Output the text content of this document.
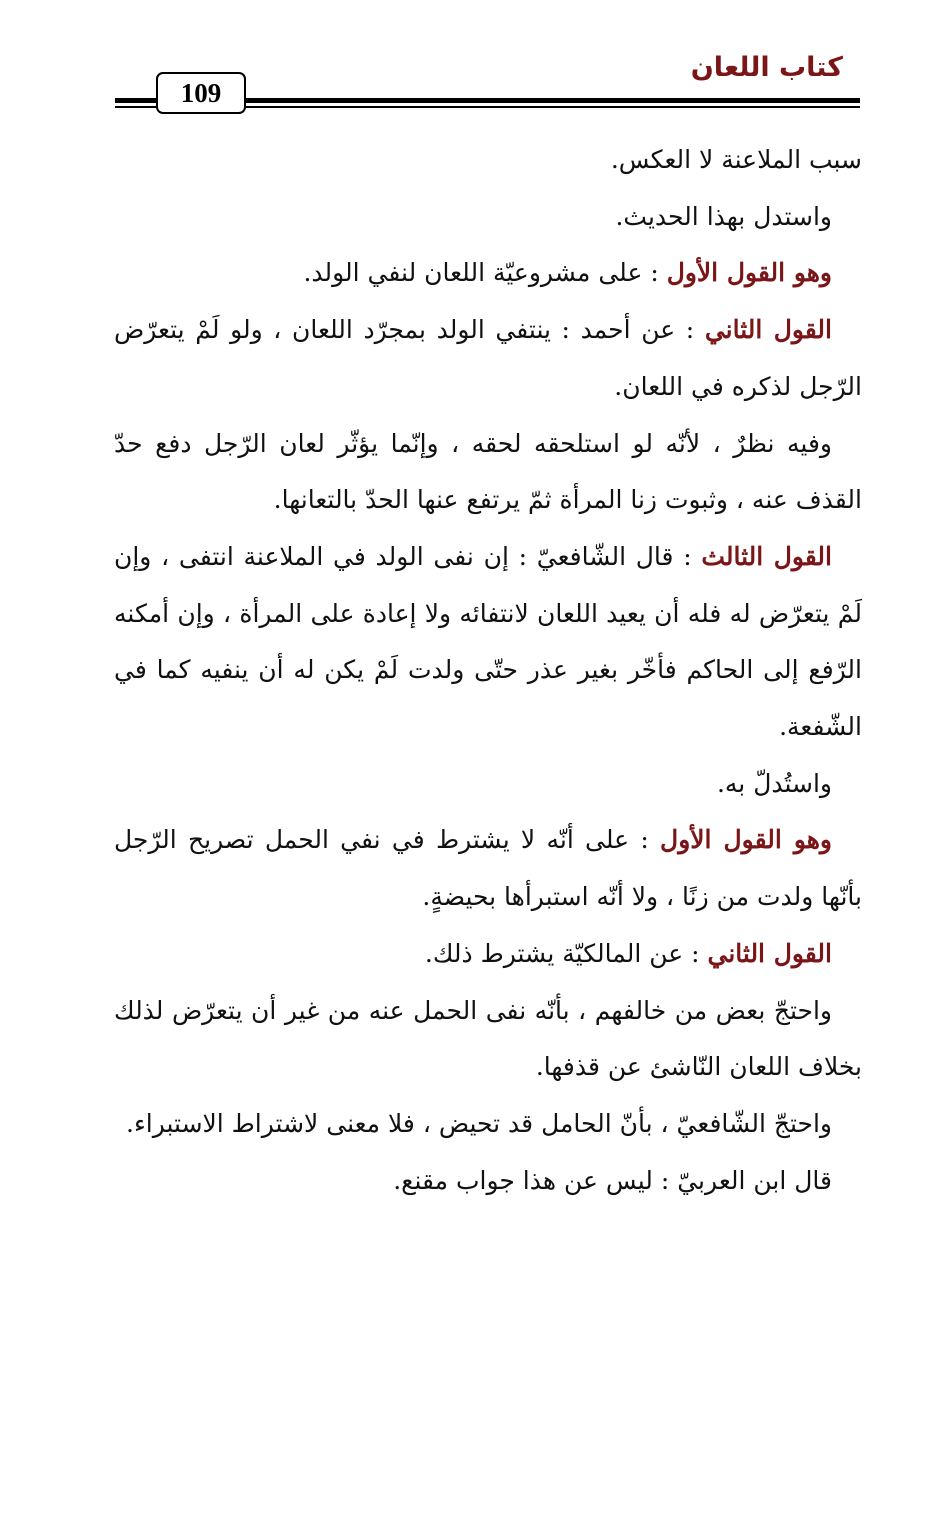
كتاب اللعان
109

سبب الملاعنة لا العكس.

واستدل بهذا الحديث.

وهو القول الأول : على مشروعيّة اللعان لنفي الولد.

القول الثاني : عن أحمد : ينتفي الولد بمجرّد اللعان ، ولو لَمْ يتعرّض الرّجل لذكره في اللعان.

وفيه نظرٌ ، لأنّه لو استلحقه لحقه ، وإنّما يؤثّر لعان الرّجل دفع حدّ القذف عنه ، وثبوت زنا المرأة ثمّ يرتفع عنها الحدّ بالتعانها.

القول الثالث : قال الشّافعيّ : إن نفى الولد في الملاعنة انتفى ، وإن لَمْ يتعرّض له فله أن يعيد اللعان لانتفائه ولا إعادة على المرأة ، وإن أمكنه الرّفع إلى الحاكم فأخّر بغير عذر حتّى ولدت لَمْ يكن له أن ينفيه كما في الشّفعة.

واستُدلّ به.

وهو القول الأول : على أنّه لا يشترط في نفي الحمل تصريح الرّجل بأنّها ولدت من زنًا ، ولا أنّه استبرأها بحيضةٍ.

القول الثاني : عن المالكيّة يشترط ذلك.

واحتجّ بعض من خالفهم ، بأنّه نفى الحمل عنه من غير أن يتعرّض لذلك بخلاف اللعان النّاشئ عن قذفها.

واحتجّ الشّافعيّ ، بأنّ الحامل قد تحيض ، فلا معنى لاشتراط الاستبراء.

قال ابن العربيّ : ليس عن هذا جواب مقنع.
